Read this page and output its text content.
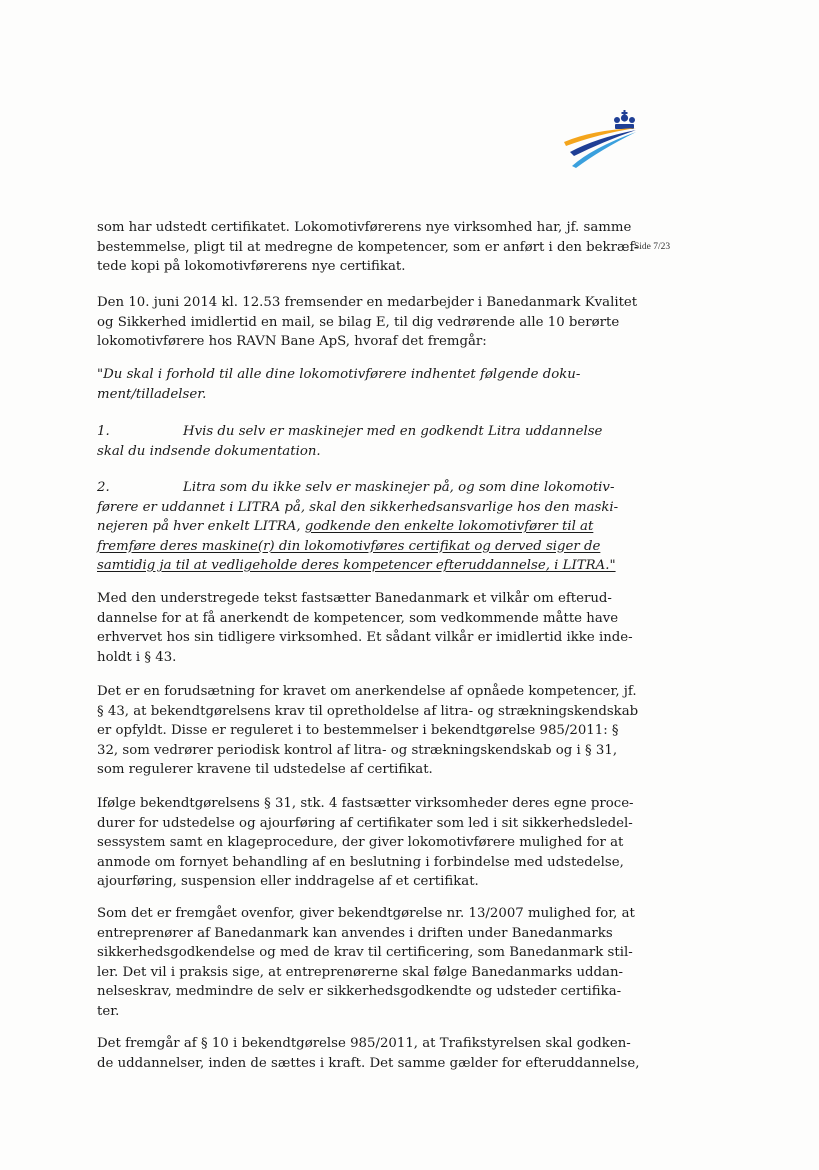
Side 7/23

som har udstedt certifikatet. Lokomotivførerens nye virksomhed har, jf. samme
bestemmelse, pligt til at medregne de kompetencer, som er anført i den bekræf-
tede kopi på lokomotivførerens nye certifikat.

Den 10. juni 2014 kl. 12.53 fremsender en medarbejder i Banedanmark Kvalitet
og Sikkerhed imidlertid en mail, se bilag E, til dig vedrørende alle 10 berørte
lokomotivførere hos RAVN Bane ApS, hvoraf det fremgår:

"Du skal i forhold til alle dine lokomotivførere indhentet følgende doku-
ment/tilladelser.

1.	Hvis du selv er maskinejer med en godkendt Litra uddannelse
skal du indsende dokumentation.

2.	Litra som du ikke selv er maskinejer på, og som dine lokomotiv-
førere er uddannet i LITRA på, skal den sikkerhedsansvarlige hos den maski-
nejeren på hver enkelt LITRA, godkende den enkelte lokomotivfører til at
fremføre deres maskine(r) din lokomotivføres certifikat og derved siger de
samtidig ja til at vedligeholde deres kompetencer efteruddannelse, i LITRA."

Med den understregede tekst fastsætter Banedanmark et vilkår om efterud-
dannelse for at få anerkendt de kompetencer, som vedkommende måtte have
erhvervet hos sin tidligere virksomhed. Et sådant vilkår er imidlertid ikke inde-
holdt i § 43.

Det er en forudsætning for kravet om anerkendelse af opnåede kompetencer, jf.
§ 43, at bekendtgørelsens krav til opretholdelse af litra- og strækningskendskab
er opfyldt. Disse er reguleret i to bestemmelser i bekendtgørelse 985/2011: §
32, som vedrører periodisk kontrol af litra- og strækningskendskab og i § 31,
som regulerer kravene til udstedelse af certifikat.

Ifølge bekendtgørelsens § 31, stk. 4 fastsætter virksomheder deres egne proce-
durer for udstedelse og ajourføring af certifikater som led i sit sikkerhedsledel-
sessystem samt en klageprocedure, der giver lokomotivførere mulighed for at
anmode om fornyet behandling af en beslutning i forbindelse med udstedelse,
ajourføring, suspension eller inddragelse af et certifikat.

Som det er fremgået ovenfor, giver bekendtgørelse nr. 13/2007 mulighed for, at
entreprenører af Banedanmark kan anvendes i driften under Banedanmarks
sikkerhedsgodkendelse og med de krav til certificering, som Banedanmark stil-
ler. Det vil i praksis sige, at entreprenørerne skal følge Banedanmarks uddan-
nelseskrav, medmindre de selv er sikkerhedsgodkendte og udsteder certifika-
ter.

Det fremgår af § 10 i bekendtgørelse 985/2011, at Trafikstyrelsen skal godken-
de uddannelser, inden de sættes i kraft. Det samme gælder for efteruddannelse,
